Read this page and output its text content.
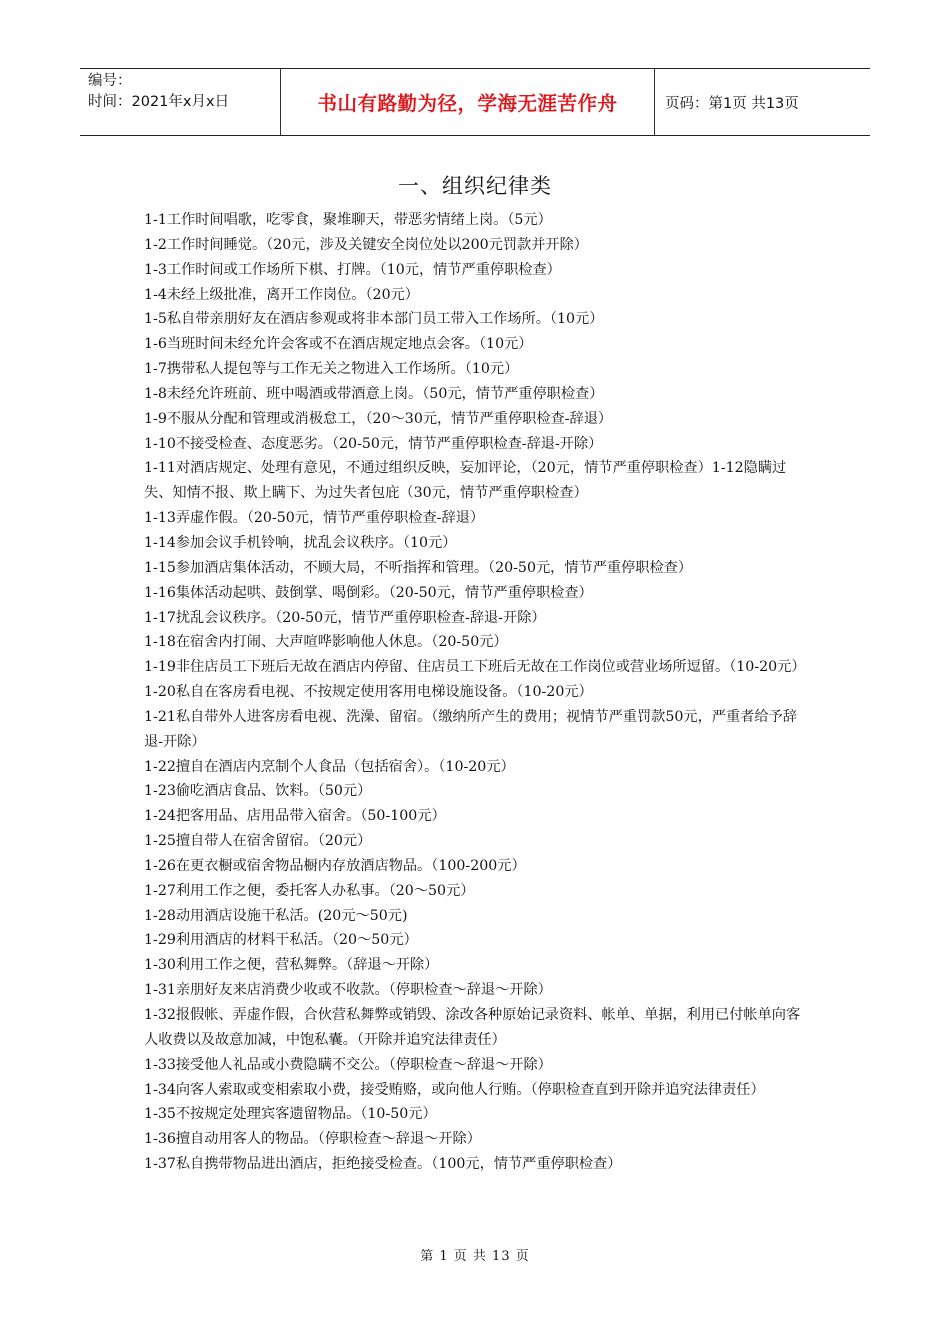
编号：
时间：2021年x月x日	书山有路勤为径，学海无涯苦作舟	页码：第1页 共13页
一、组织纪律类

1-1工作时间唱歌，吃零食，聚堆聊天，带恶劣情绪上岗。（5元）

1-2工作时间睡觉。（20元，涉及关键安全岗位处以200元罚款并开除）

1-3工作时间或工作场所下棋、打牌。（10元，情节严重停职检查）

1-4未经上级批准，离开工作岗位。（20元）

1-5私自带亲朋好友在酒店参观或将非本部门员工带入工作场所。（10元）

1-6当班时间未经允许会客或不在酒店规定地点会客。（10元）

1-7携带私人提包等与工作无关之物进入工作场所。（10元）

1-8未经允许班前、班中喝酒或带酒意上岗。（50元，情节严重停职检查）

1-9不服从分配和管理或消极怠工，（20～30元，情节严重停职检查-辞退）

1-10不接受检查、态度恶劣。（20-50元，情节严重停职检查-辞退-开除）

1-11对酒店规定、处理有意见，不通过组织反映，妄加评论，（20元，情节严重停职检查）1-12隐瞒过失、知情不报、欺上瞒下、为过失者包庇（30元，情节严重停职检查）

1-13弄虚作假。（20-50元，情节严重停职检查-辞退）

1-14参加会议手机铃响，扰乱会议秩序。（10元）

1-15参加酒店集体活动，不顾大局，不听指挥和管理。（20-50元，情节严重停职检查）

1-16集体活动起哄、鼓倒掌、喝倒彩。（20-50元，情节严重停职检查）

1-17扰乱会议秩序。（20-50元，情节严重停职检查-辞退-开除）

1-18在宿舍内打闹、大声喧哗影响他人休息。（20-50元）

1-19非住店员工下班后无故在酒店内停留、住店员工下班后无故在工作岗位或营业场所逗留。（10-20元）

1-20私自在客房看电视、不按规定使用客用电梯设施设备。（10-20元）

1-21私自带外人进客房看电视、洗澡、留宿。（缴纳所产生的费用；视情节严重罚款50元，严重者给予辞退-开除）

1-22擅自在酒店内烹制个人食品（包括宿舍）。（10-20元）

1-23偷吃酒店食品、饮料。（50元）

1-24把客用品、店用品带入宿舍。（50-100元）

1-25擅自带人在宿舍留宿。（20元）

1-26在更衣橱或宿舍物品橱内存放酒店物品。（100-200元）

1-27利用工作之便，委托客人办私事。（20～50元）

1-28动用酒店设施干私活。(20元～50元)

1-29利用酒店的材料干私活。（20～50元）

1-30利用工作之便，营私舞弊。（辞退～开除）

1-31亲朋好友来店消费少收或不收款。（停职检查～辞退～开除）

1-32报假帐、弄虚作假，合伙营私舞弊或销毁、涂改各种原始记录资料、帐单、单据，利用已付帐单向客人收费以及故意加减，中饱私囊。（开除并追究法律责任）

1-33接受他人礼品或小费隐瞒不交公。（停职检查～辞退～开除）

1-34向客人索取或变相索取小费，接受贿赂，或向他人行贿。（停职检查直到开除并追究法律责任）

1-35不按规定处理宾客遗留物品。（10-50元）

1-36擅自动用客人的物品。（停职检查～辞退～开除）

1-37私自携带物品进出酒店，拒绝接受检查。（100元，情节严重停职检查）

第 1 页 共 13 页
